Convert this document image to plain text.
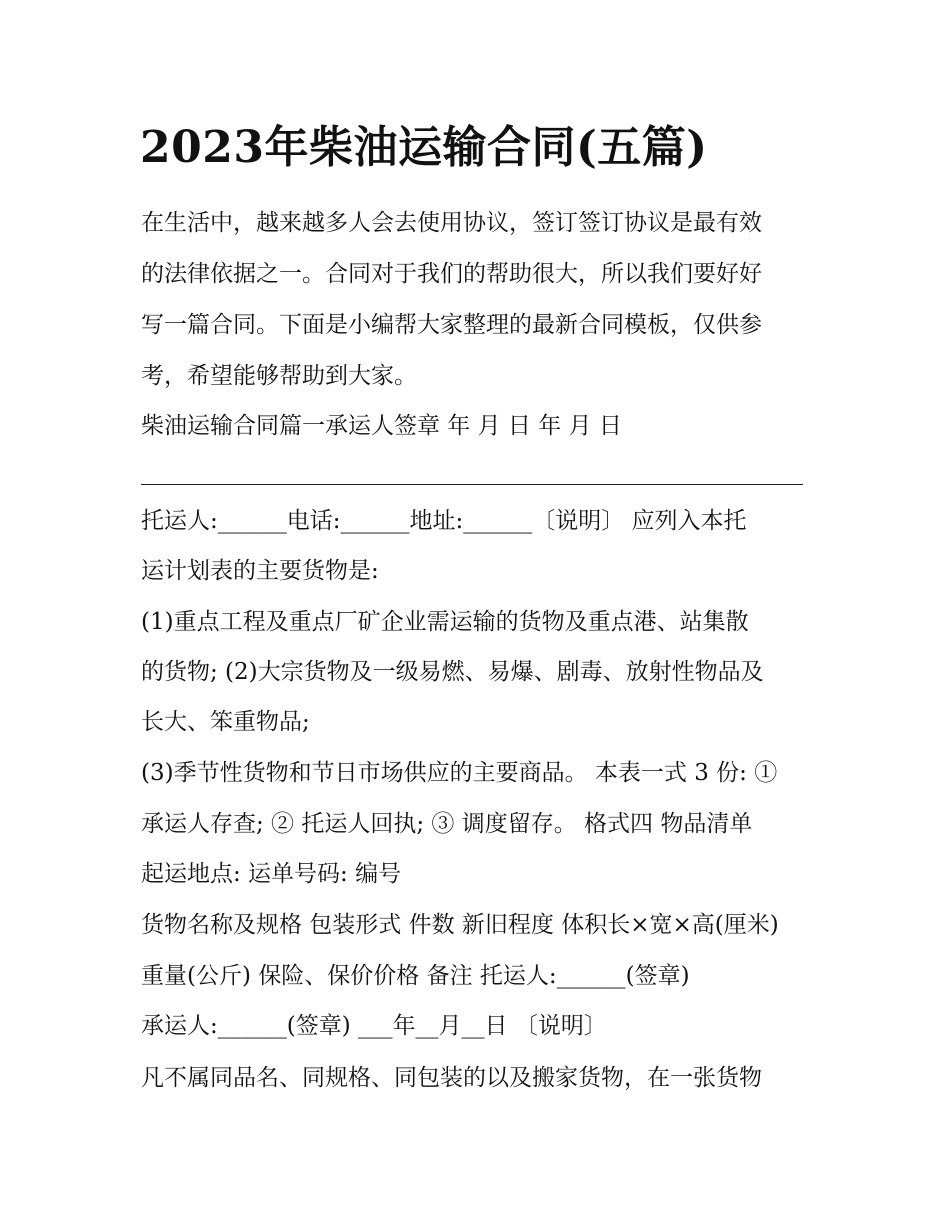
2023年柴油运输合同(五篇)
在生活中，越来越多人会去使用协议，签订签订协议是最有效
的法律依据之一。合同对于我们的帮助很大，所以我们要好好
写一篇合同。下面是小编帮大家整理的最新合同模板，仅供参
考，希望能够帮助到大家。
柴油运输合同篇一承运人签章 年 月 日 年 月 日
托运人:______电话:______地址:______〔说明〕 应列入本托
运计划表的主要货物是:
(1)重点工程及重点厂矿企业需运输的货物及重点港、站集散
的货物; (2)大宗货物及一级易燃、易爆、剧毒、放射性物品及
长大、笨重物品;
(3)季节性货物和节日市场供应的主要商品。 本表一式 3 份: ①
承运人存查; ② 托运人回执; ③ 调度留存。 格式四 物品清单
起运地点: 运单号码: 编号
货物名称及规格 包装形式 件数 新旧程度 体积长×宽×高(厘米)
重量(公斤) 保险、保价价格 备注 托运人:______(签章)
承运人:______(签章) ___年__月__日 〔说明〕
凡不属同品名、同规格、同包装的以及搬家货物，在一张货物
